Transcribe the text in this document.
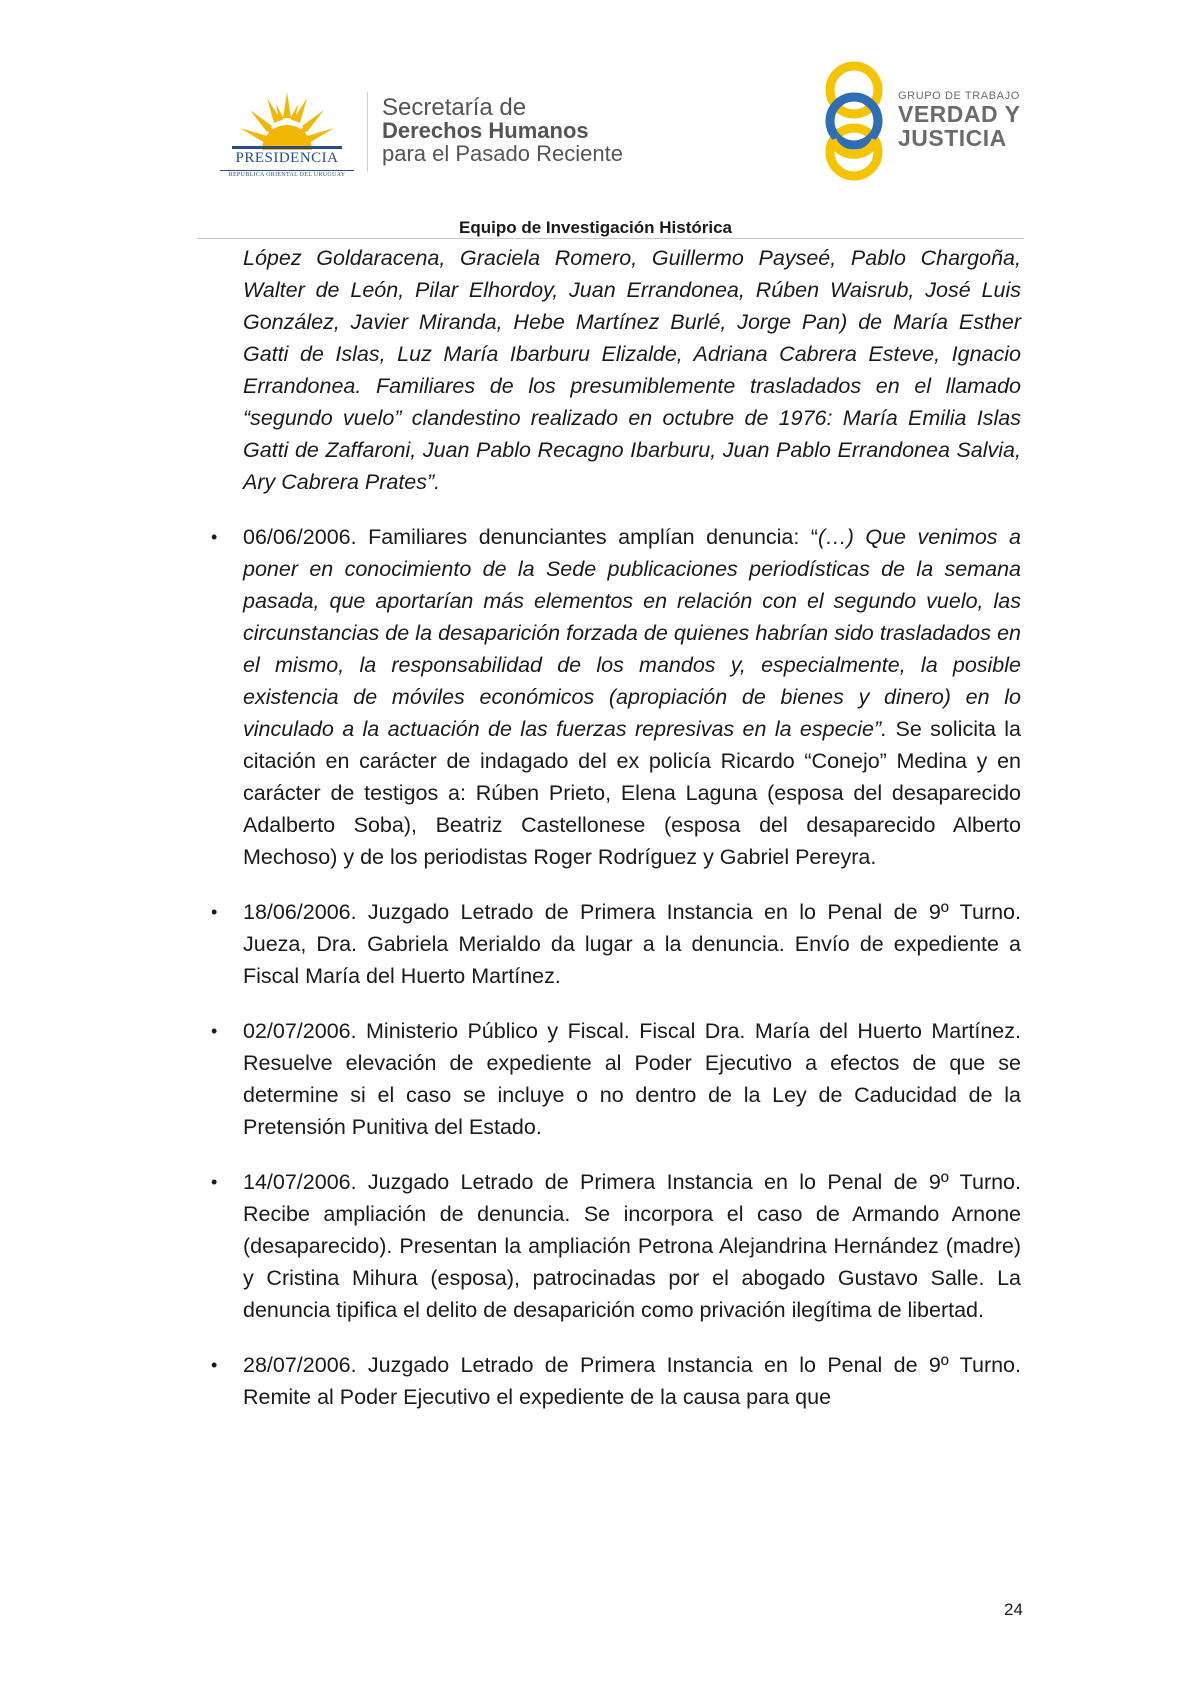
PRESIDENCIA
REPÚBLICA ORIENTAL DEL URUGUAY
Secretaría de
Derechos Humanos
para el Pasado Reciente
GRUPO DE TRABAJO
VERDAD Y
JUSTICIA
Equipo de Investigación Histórica

López Goldaracena, Graciela Romero, Guillermo Payseé, Pablo Chargoña, Walter de León, Pilar Elhordoy, Juan Errandonea, Rúben Waisrub, José Luis González, Javier Miranda, Hebe Martínez Burlé, Jorge Pan) de María Esther Gatti de Islas, Luz María Ibarburu Elizalde, Adriana Cabrera Esteve, Ignacio Errandonea. Familiares de los presumiblemente trasladados en el llamado “segundo vuelo” clandestino realizado en octubre de 1976: María Emilia Islas Gatti de Zaffaroni, Juan Pablo Recagno Ibarburu, Juan Pablo Errandonea Salvia, Ary Cabrera Prates”.

• 06/06/2006. Familiares denunciantes amplían denuncia: “(…) Que venimos a poner en conocimiento de la Sede publicaciones periodísticas de la semana pasada, que aportarían más elementos en relación con el segundo vuelo, las circunstancias de la desaparición forzada de quienes habrían sido trasladados en el mismo, la responsabilidad de los mandos y, especialmente, la posible existencia de móviles económicos (apropiación de bienes y dinero) en lo vinculado a la actuación de las fuerzas represivas en la especie”. Se solicita la citación en carácter de indagado del ex policía Ricardo “Conejo” Medina y en carácter de testigos a: Rúben Prieto, Elena Laguna (esposa del desaparecido Adalberto Soba), Beatriz Castellonese (esposa del desaparecido Alberto Mechoso) y de los periodistas Roger Rodríguez y Gabriel Pereyra.

• 18/06/2006. Juzgado Letrado de Primera Instancia en lo Penal de 9º Turno. Jueza, Dra. Gabriela Merialdo da lugar a la denuncia. Envío de expediente a Fiscal María del Huerto Martínez.

• 02/07/2006. Ministerio Público y Fiscal. Fiscal Dra. María del Huerto Martínez. Resuelve elevación de expediente al Poder Ejecutivo a efectos de que se determine si el caso se incluye o no dentro de la Ley de Caducidad de la Pretensión Punitiva del Estado.

• 14/07/2006. Juzgado Letrado de Primera Instancia en lo Penal de 9º Turno. Recibe ampliación de denuncia. Se incorpora el caso de Armando Arnone (desaparecido). Presentan la ampliación Petrona Alejandrina Hernández (madre) y Cristina Mihura (esposa), patrocinadas por el abogado Gustavo Salle. La denuncia tipifica el delito de desaparición como privación ilegítima de libertad.

• 28/07/2006. Juzgado Letrado de Primera Instancia en lo Penal de 9º Turno. Remite al Poder Ejecutivo el expediente de la causa para que

24
